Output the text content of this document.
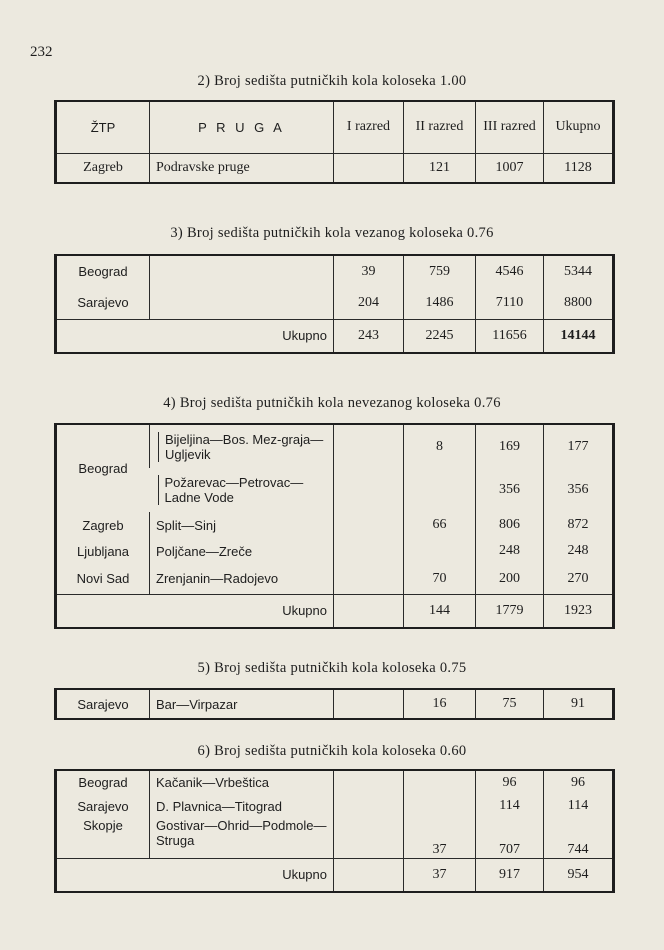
232
2) Broj sedišta putničkih kola koloseka 1.00
ŽTP	P R U G A	I razred	II razred	III razred	Ukupno
Zagreb	Podravske pruge		121	1007	1128
3) Broj sedišta putničkih kola vezanog koloseka 0.76
Beograd		39	759	4546	5344
Sarajevo		204	1486	7110	8800
Ukupno		243	2245	11656	14144
4) Broj sedišta putničkih kola nevezanog koloseka 0.76
Beograd	Bijeljina—Bos. Mez-graja—Ugljevik		8	169	177

	Požarevac—Petrovac—Ladne Vode			356	356
Zagreb	Split—Sinj		66	806	872
Ljubljana	Poljčane—Zreče			248	248
Novi Sad	Zrenjanin—Radojevo		70	200	270
Ukupno			144	1779	1923
5) Broj sedišta putničkih kola koloseka 0.75
Sarajevo	Bar—Virpazar		16	75	91
6) Broj sedišta putničkih kola koloseka 0.60
Beograd	Kačanik—Vrbeštica			96	96
Sarajevo	D. Plavnica—Titograd			114	114
Skopje	Gostivar—Ohrid—Podmole—Struga		37	707	744
Ukupno			37	917	954
